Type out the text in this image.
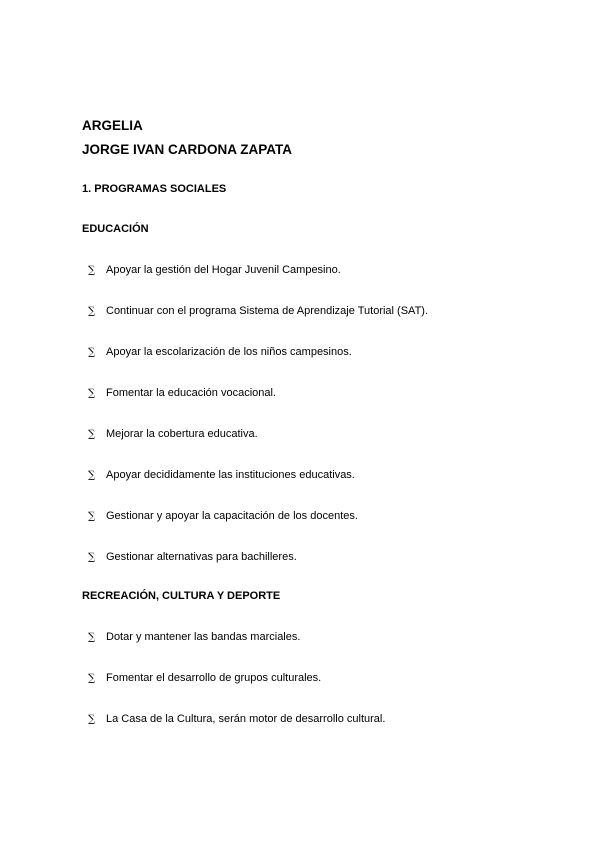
ARGELIA
JORGE IVAN CARDONA ZAPATA
1. PROGRAMAS SOCIALES
EDUCACIÓN
∑ Apoyar la gestión del Hogar Juvenil Campesino.
∑ Continuar con el programa Sistema de Aprendizaje Tutorial (SAT).
∑ Apoyar la escolarización de los niños campesinos.
∑ Fomentar la educación vocacional.
∑ Mejorar la cobertura educativa.
∑ Apoyar decididamente las instituciones educativas.
∑ Gestionar y apoyar la capacitación de los docentes.
∑ Gestionar alternativas para bachilleres.
RECREACIÓN, CULTURA Y DEPORTE
∑ Dotar y mantener las bandas marciales.
∑ Fomentar el desarrollo de grupos culturales.
∑ La Casa de la Cultura, serán motor de desarrollo cultural.
